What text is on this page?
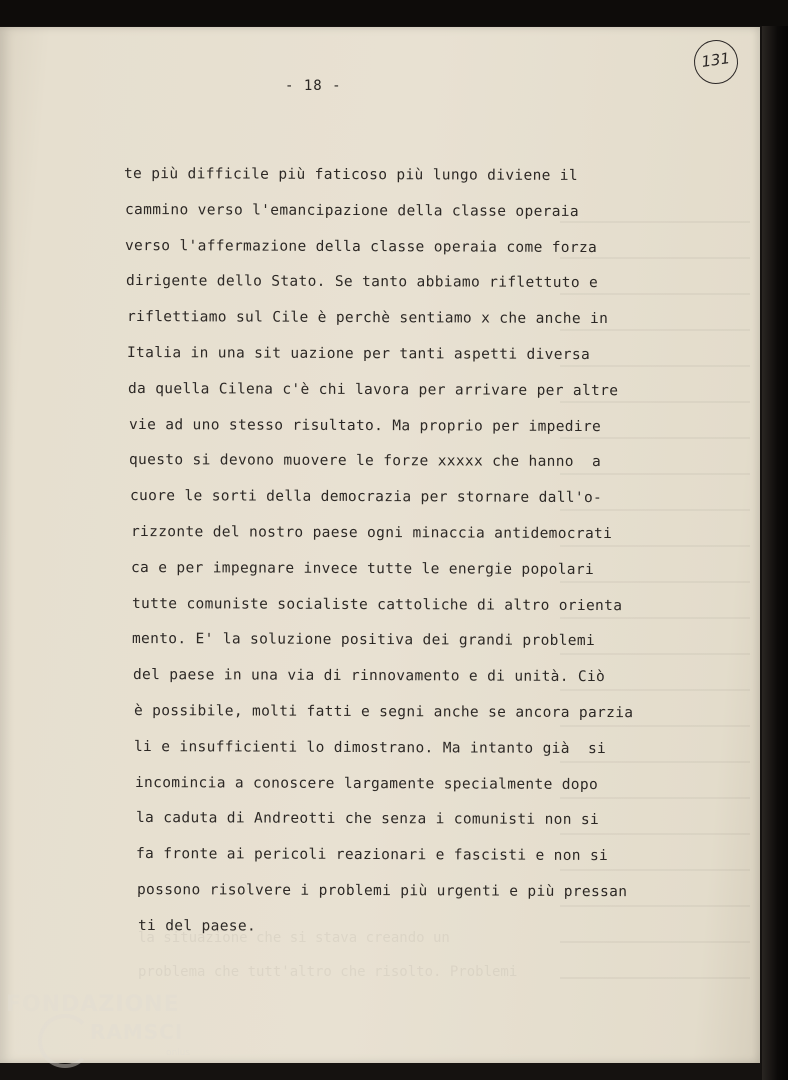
- 18 -
131
te più difficile più faticoso più lungo diviene il
cammino verso l'emancipazione della classe operaia
verso l'affermazione della classe operaia come forza
dirigente dello Stato. Se tanto abbiamo riflettuto e
riflettiamo sul Cile è perchè sentiamo x che anche in
Italia in una sit uazione per tanti aspetti diversa
da quella Cilena c'è chi lavora per arrivare per altre
vie ad uno stesso risultato. Ma proprio per impedire
questo si devono muovere le forze xxxxx che hanno  a
cuore le sorti della democrazia per stornare dall'o-
rizzonte del nostro paese ogni minaccia antidemocrati
ca e per impegnare invece tutte le energie popolari
tutte comuniste socialiste cattoliche di altro orienta
mento. E' la soluzione positiva dei grandi problemi
del paese in una via di rinnovamento e di unità. Ciò
è possibile, molti fatti e segni anche se ancora parzia
li e insufficienti lo dimostrano. Ma intanto già  si
incomincia a conoscere largamente specialmente dopo
la caduta di Andreotti che senza i comunisti non si
fa fronte ai pericoli reazionari e fascisti e non si
possono risolvere i problemi più urgenti e più pressan
ti del paese.
la situazione che si stava creando un
problema che tutt'altro che risolto. Problemi
FONDAZIONE
RAMSCI
onlus
